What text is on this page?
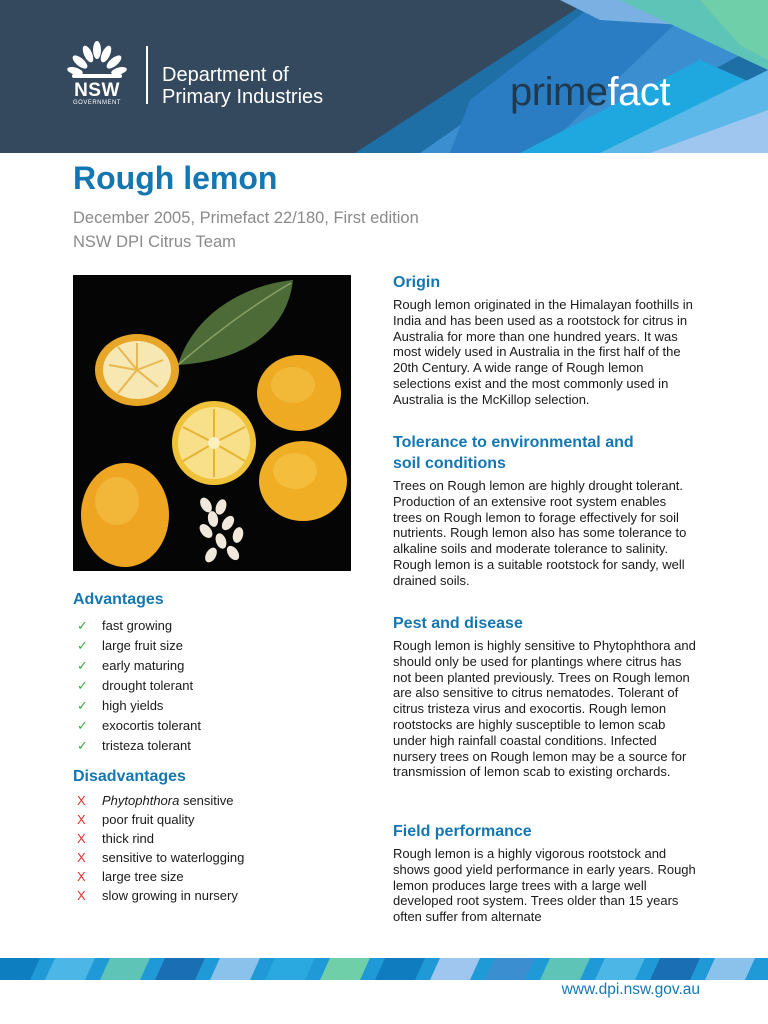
NSW
GOVERNMENT
Department of
Primary Industries	primefact
Rough lemon
December 2005, Primefact 22/180, First edition
NSW DPI Citrus Team
Advantages
✓ fast growing
✓ large fruit size
✓ early maturing
✓ drought tolerant
✓ high yields
✓ exocortis tolerant
✓ tristeza tolerant
Disadvantages
X Phytophthora sensitive
X poor fruit quality
X thick rind
X sensitive to waterlogging
X large tree size
X slow growing in nursery
Origin

Rough lemon originated in the Himalayan foothills in India and has been used as a rootstock for citrus in Australia for more than one hundred years. It was most widely used in Australia in the first half of the 20th Century. A wide range of Rough lemon selections exist and the most commonly used in Australia is the McKillop selection.

Tolerance to environmental and
soil conditions

Trees on Rough lemon are highly drought tolerant. Production of an extensive root system enables trees on Rough lemon to forage effectively for soil nutrients. Rough lemon also has some tolerance to alkaline soils and moderate tolerance to salinity. Rough lemon is a suitable rootstock for sandy, well drained soils.

Pest and disease

Rough lemon is highly sensitive to Phytophthora and should only be used for plantings where citrus has not been planted previously. Trees on Rough lemon are also sensitive to citrus nematodes. Tolerant of citrus tristeza virus and exocortis. Rough lemon rootstocks are highly susceptible to lemon scab under high rainfall coastal conditions. Infected nursery trees on Rough lemon may be a source for transmission of lemon scab to existing orchards.

Field performance

Rough lemon is a highly vigorous rootstock and shows good yield performance in early years. Rough lemon produces large trees with a large well developed root system. Trees older than 15 years often suffer from alternate

www.dpi.nsw.gov.au
